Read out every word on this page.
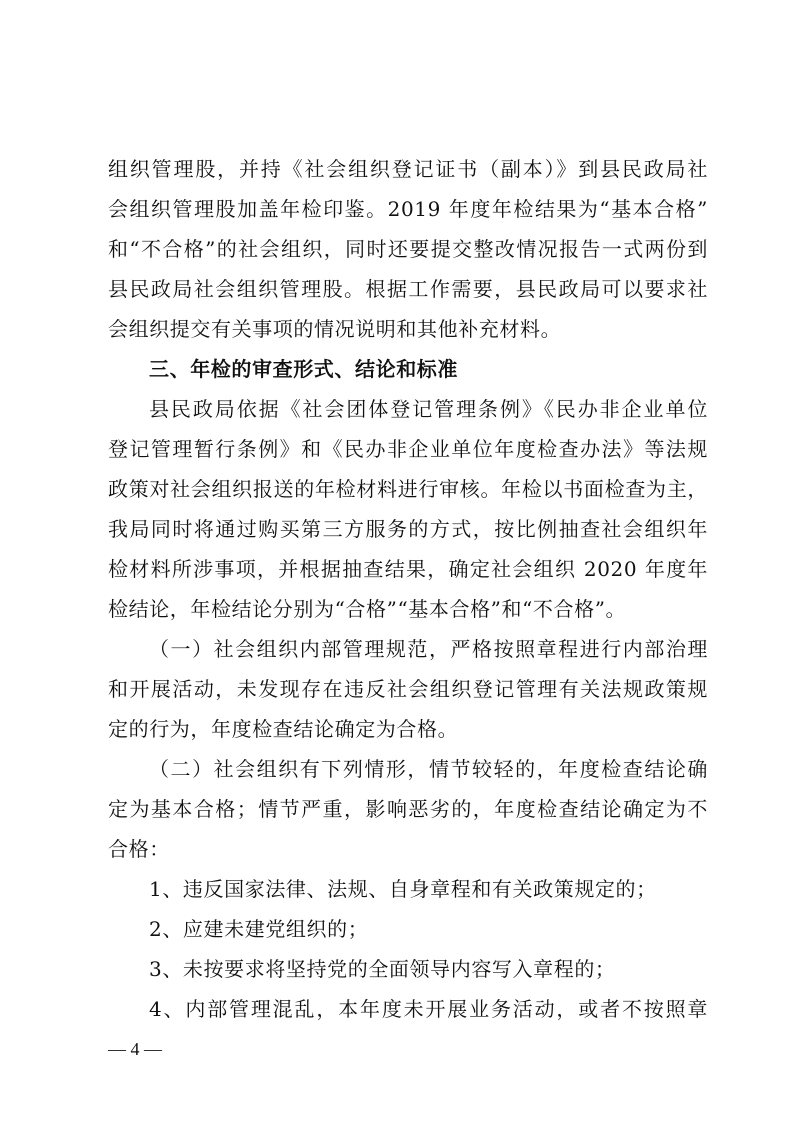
组织管理股，并持《社会组织登记证书（副本）》到县民政局社
会组织管理股加盖年检印鉴。2019 年度年检结果为“基本合格”
和“不合格”的社会组织，同时还要提交整改情况报告一式两份到
县民政局社会组织管理股。根据工作需要，县民政局可以要求社
会组织提交有关事项的情况说明和其他补充材料。
三、年检的审查形式、结论和标准
县民政局依据《社会团体登记管理条例》《民办非企业单位
登记管理暂行条例》和《民办非企业单位年度检查办法》等法规
政策对社会组织报送的年检材料进行审核。年检以书面检查为主，
我局同时将通过购买第三方服务的方式，按比例抽查社会组织年
检材料所涉事项，并根据抽查结果，确定社会组织 2020 年度年
检结论，年检结论分别为“合格”“基本合格”和“不合格”。
（一）社会组织内部管理规范，严格按照章程进行内部治理
和开展活动，未发现存在违反社会组织登记管理有关法规政策规
定的行为，年度检查结论确定为合格。
（二）社会组织有下列情形，情节较轻的，年度检查结论确
定为基本合格；情节严重，影响恶劣的，年度检查结论确定为不
合格：
1、违反国家法律、法规、自身章程和有关政策规定的；
2、应建未建党组织的；
3、未按要求将坚持党的全面领导内容写入章程的；
4、内部管理混乱，本年度未开展业务活动，或者不按照章
— 4 —
